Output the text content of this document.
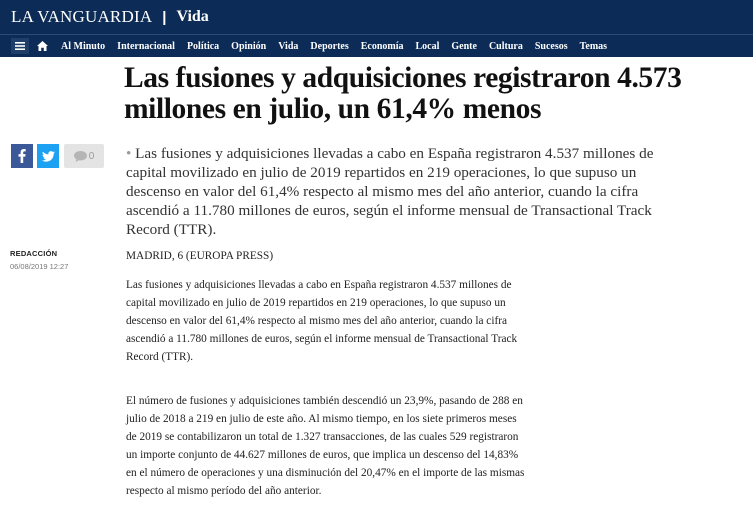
LA VANGUARDIA | Vida
Al Minuto Internacional Política Opinión Vida Deportes Economía Local Gente Cultura Sucesos Temas
Las fusiones y adquisiciones registraron 4.573 millones en julio, un 61,4% menos
0 • Las fusiones y adquisiciones llevadas a cabo en España registraron 4.537 millones de capital movilizado en julio de 2019 repartidos en 219 operaciones, lo que supuso un descenso en valor del 61,4% respecto al mismo mes del año anterior, cuando la cifra ascendió a 11.780 millones de euros, según el informe mensual de Transactional Track Record (TTR).
REDACCIÓN
06/08/2019 12:27
MADRID, 6 (EUROPA PRESS)

Las fusiones y adquisiciones llevadas a cabo en España registraron 4.537 millones de capital movilizado en julio de 2019 repartidos en 219 operaciones, lo que supuso un descenso en valor del 61,4% respecto al mismo mes del año anterior, cuando la cifra ascendió a 11.780 millones de euros, según el informe mensual de Transactional Track Record (TTR).

El número de fusiones y adquisiciones también descendió un 23,9%, pasando de 288 en julio de 2018 a 219 en julio de este año. Al mismo tiempo, en los siete primeros meses de 2019 se contabilizaron un total de 1.327 transacciones, de las cuales 529 registraron un importe conjunto de 44.627 millones de euros, que implica un descenso del 14,83% en el número de operaciones y una disminución del 20,47% en el importe de las mismas respecto al mismo período del año anterior.
